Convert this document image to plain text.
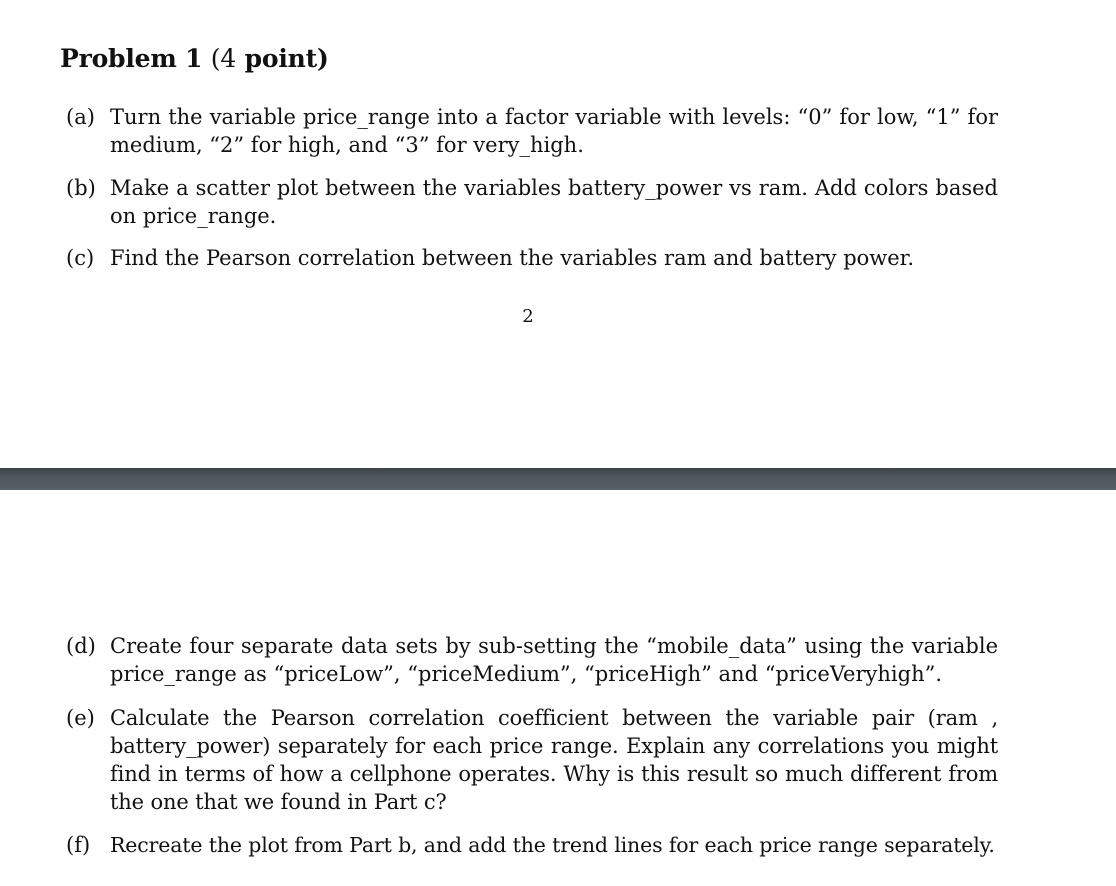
Problem 1 (4 point)
(a) Turn the variable price_range into a factor variable with levels: “0” for low, “1” for medium, “2” for high, and “3” for very_high.
(b) Make a scatter plot between the variables battery_power vs ram. Add colors based on price_range.
(c) Find the Pearson correlation between the variables ram and battery power.
2
(d) Create four separate data sets by sub-setting the “mobile_data” using the variable price_range as “priceLow”, “priceMedium”, “priceHigh” and “priceVeryhigh”.
(e) Calculate the Pearson correlation coefficient between the variable pair (ram , battery_power) separately for each price range. Explain any correlations you might find in terms of how a cellphone operates. Why is this result so much different from the one that we found in Part c?
(f) Recreate the plot from Part b, and add the trend lines for each price range separately.
